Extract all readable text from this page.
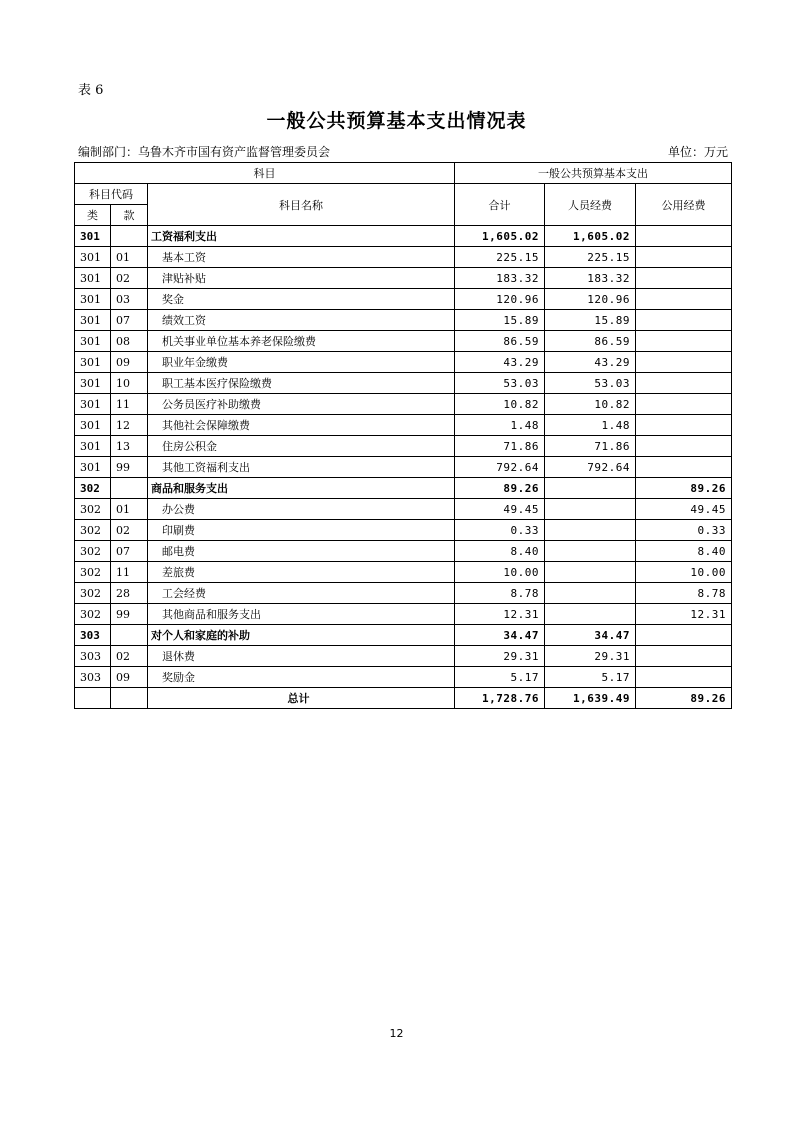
表 6
一般公共预算基本支出情况表
编制部门：乌鲁木齐市国有资产监督管理委员会	单位：万元
科目			一般公共预算基本支出		
科目代码		科目名称	合计	人员经费	公用经费
类	款				
301		工资福利支出	1,605.02	1,605.02	
301	01	基本工资	225.15	225.15	
301	02	津贴补贴	183.32	183.32	
301	03	奖金	120.96	120.96	
301	07	绩效工资	15.89	15.89	
301	08	机关事业单位基本养老保险缴费	86.59	86.59	
301	09	职业年金缴费	43.29	43.29	
301	10	职工基本医疗保险缴费	53.03	53.03	
301	11	公务员医疗补助缴费	10.82	10.82	
301	12	其他社会保障缴费	1.48	1.48	
301	13	住房公积金	71.86	71.86	
301	99	其他工资福利支出	792.64	792.64	
302		商品和服务支出	89.26		89.26
302	01	办公费	49.45		49.45
302	02	印刷费	0.33		0.33
302	07	邮电费	8.40		8.40
302	11	差旅费	10.00		10.00
302	28	工会经费	8.78		8.78
302	99	其他商品和服务支出	12.31		12.31
303		对个人和家庭的补助	34.47	34.47	
303	02	退休费	29.31	29.31	
303	09	奖励金	5.17	5.17	
		总计	1,728.76	1,639.49	89.26
12
